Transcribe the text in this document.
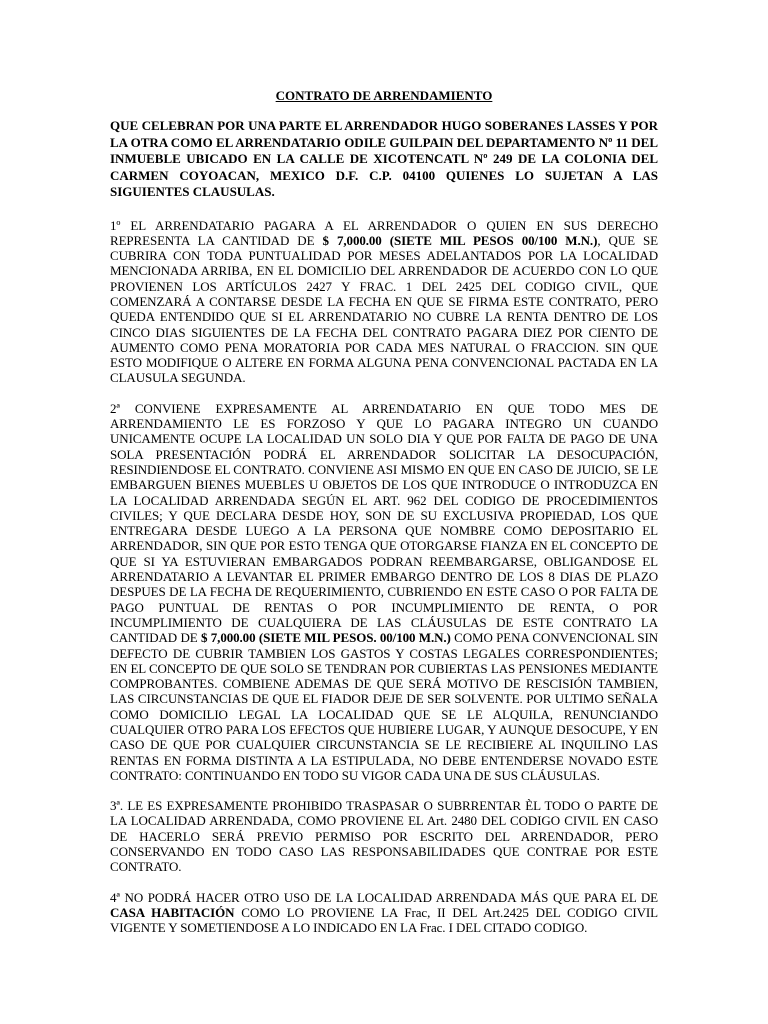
CONTRATO DE ARRENDAMIENTO
QUE CELEBRAN POR UNA PARTE EL ARRENDADOR HUGO SOBERANES LASSES Y POR LA OTRA COMO EL ARRENDATARIO ODILE GUILPAIN DEL DEPARTAMENTO Nº 11 DEL INMUEBLE UBICADO EN LA CALLE DE XICOTENCATL Nº 249 DE LA COLONIA DEL CARMEN COYOACAN, MEXICO D.F. C.P. 04100 QUIENES LO SUJETAN A LAS SIGUIENTES CLAUSULAS.
1º EL ARRENDATARIO PAGARA A EL ARRENDADOR O QUIEN EN SUS DERECHO REPRESENTA LA CANTIDAD DE $ 7,000.00 (SIETE MIL PESOS 00/100 M.N.), QUE SE CUBRIRA CON TODA PUNTUALIDAD POR MESES ADELANTADOS POR LA LOCALIDAD MENCIONADA ARRIBA, EN EL DOMICILIO DEL ARRENDADOR DE ACUERDO CON LO QUE PROVIENEN LOS ARTÍCULOS 2427 Y FRAC. 1 DEL 2425 DEL CODIGO CIVIL, QUE COMENZARÁ A CONTARSE DESDE LA FECHA EN QUE SE FIRMA ESTE CONTRATO, PERO QUEDA ENTENDIDO QUE SI EL ARRENDATARIO NO CUBRE LA RENTA DENTRO DE LOS CINCO DIAS SIGUIENTES DE LA FECHA DEL CONTRATO PAGARA DIEZ POR CIENTO DE AUMENTO COMO PENA MORATORIA POR CADA MES NATURAL O FRACCION. SIN QUE ESTO MODIFIQUE O ALTERE EN FORMA ALGUNA PENA CONVENCIONAL PACTADA EN LA CLAUSULA SEGUNDA.
2ª CONVIENE EXPRESAMENTE AL ARRENDATARIO EN QUE TODO MES DE ARRENDAMIENTO LE ES FORZOSO Y QUE LO PAGARA INTEGRO UN CUANDO UNICAMENTE OCUPE LA LOCALIDAD UN SOLO DIA Y QUE POR FALTA DE PAGO DE UNA SOLA PRESENTACIÓN PODRÁ EL ARRENDADOR SOLICITAR LA DESOCUPACIÓN, RESINDIENDOSE EL CONTRATO. CONVIENE ASI MISMO EN QUE EN CASO DE JUICIO, SE LE EMBARGUEN BIENES MUEBLES U OBJETOS DE LOS QUE INTRODUCE O INTRODUZCA EN LA LOCALIDAD ARRENDADA SEGÚN EL ART. 962 DEL CODIGO DE PROCEDIMIENTOS CIVILES; Y QUE DECLARA DESDE HOY, SON DE SU EXCLUSIVA PROPIEDAD, LOS QUE ENTREGARA DESDE LUEGO A LA PERSONA QUE NOMBRE COMO DEPOSITARIO EL ARRENDADOR, SIN QUE POR ESTO TENGA QUE OTORGARSE FIANZA EN EL CONCEPTO DE QUE SI YA ESTUVIERAN EMBARGADOS PODRAN REEMBARGARSE, OBLIGANDOSE EL ARRENDATARIO A LEVANTAR EL PRIMER EMBARGO DENTRO DE LOS 8 DIAS DE PLAZO DESPUES DE LA FECHA DE REQUERIMIENTO, CUBRIENDO EN ESTE CASO O POR FALTA DE PAGO PUNTUAL DE RENTAS O POR INCUMPLIMIENTO DE RENTA, O POR INCUMPLIMIENTO DE CUALQUIERA DE LAS CLÁUSULAS DE ESTE CONTRATO LA CANTIDAD DE $ 7,000.00 (SIETE MIL PESOS. 00/100 M.N.) COMO PENA CONVENCIONAL SIN DEFECTO DE CUBRIR TAMBIEN LOS GASTOS Y COSTAS LEGALES CORRESPONDIENTES; EN EL CONCEPTO DE QUE SOLO SE TENDRAN POR CUBIERTAS LAS PENSIONES MEDIANTE COMPROBANTES. COMBIENE ADEMAS DE QUE SERÁ MOTIVO DE RESCISIÓN TAMBIEN, LAS CIRCUNSTANCIAS DE QUE EL FIADOR DEJE DE SER SOLVENTE. POR ULTIMO SEÑALA COMO DOMICILIO LEGAL LA LOCALIDAD QUE SE LE ALQUILA, RENUNCIANDO CUALQUIER OTRO PARA LOS EFECTOS QUE HUBIERE LUGAR, Y AUNQUE DESOCUPE, Y EN CASO DE QUE POR CUALQUIER CIRCUNSTANCIA SE LE RECIBIERE AL INQUILINO LAS RENTAS EN FORMA DISTINTA A LA ESTIPULADA, NO DEBE ENTENDERSE NOVADO ESTE CONTRATO: CONTINUANDO EN TODO SU VIGOR CADA UNA DE SUS CLÁUSULAS.
3ª. LE ES EXPRESAMENTE PROHIBIDO TRASPASAR O SUBRRENTAR ÈL TODO O PARTE DE LA LOCALIDAD ARRENDADA, COMO PROVIENE EL Art. 2480 DEL CODIGO CIVIL EN CASO DE HACERLO SERÁ PREVIO PERMISO POR ESCRITO DEL ARRENDADOR, PERO CONSERVANDO EN TODO CASO LAS RESPONSABILIDADES QUE CONTRAE POR ESTE CONTRATO.
4ª NO PODRÁ HACER OTRO USO DE LA LOCALIDAD ARRENDADA MÁS QUE PARA EL DE CASA HABITACIÓN COMO LO PROVIENE LA Frac, II DEL Art.2425 DEL CODIGO CIVIL VIGENTE Y SOMETIENDOSE A LO INDICADO EN LA Frac. I DEL CITADO CODIGO.
